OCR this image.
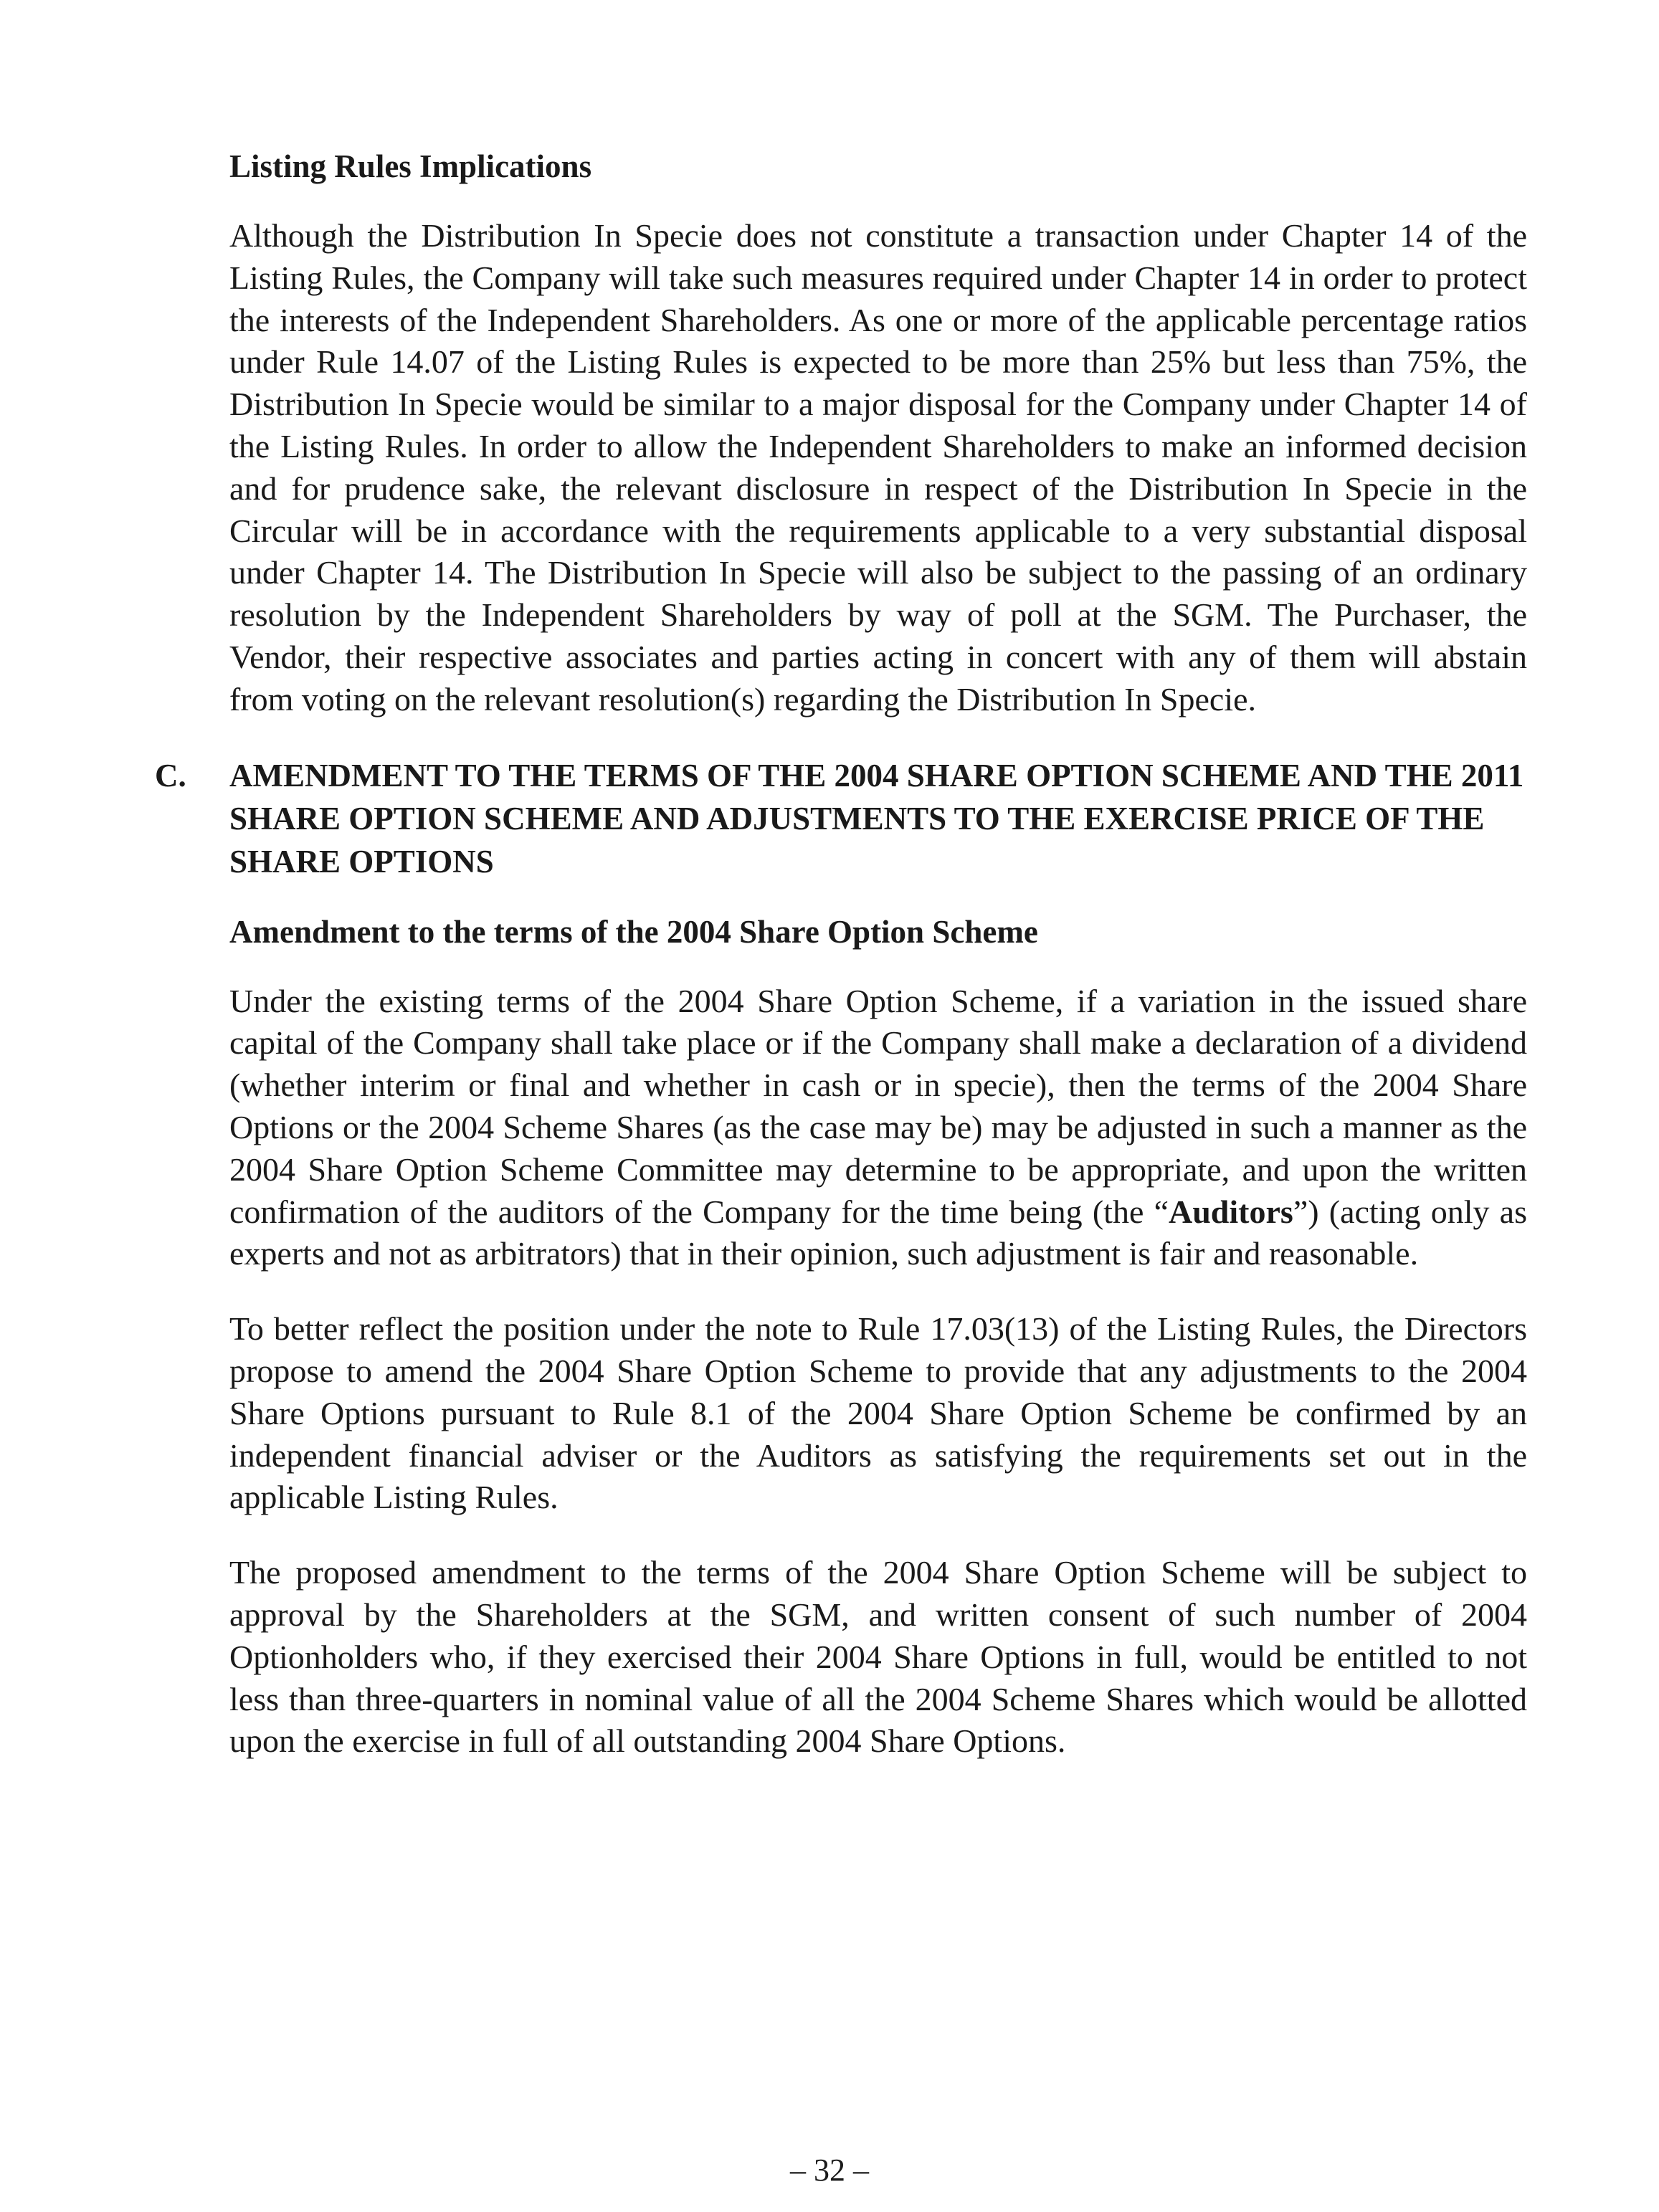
Listing Rules Implications

Although the Distribution In Specie does not constitute a transaction under Chapter 14 of the Listing Rules, the Company will take such measures required under Chapter 14 in order to protect the interests of the Independent Shareholders. As one or more of the applicable percentage ratios under Rule 14.07 of the Listing Rules is expected to be more than 25% but less than 75%, the Distribution In Specie would be similar to a major disposal for the Company under Chapter 14 of the Listing Rules. In order to allow the Independent Shareholders to make an informed decision and for prudence sake, the relevant disclosure in respect of the Distribution In Specie in the Circular will be in accordance with the requirements applicable to a very substantial disposal under Chapter 14. The Distribution In Specie will also be subject to the passing of an ordinary resolution by the Independent Shareholders by way of poll at the SGM. The Purchaser, the Vendor, their respective associates and parties acting in concert with any of them will abstain from voting on the relevant resolution(s) regarding the Distribution In Specie.

C. AMENDMENT TO THE TERMS OF THE 2004 SHARE OPTION SCHEME AND THE 2011 SHARE OPTION SCHEME AND ADJUSTMENTS TO THE EXERCISE PRICE OF THE SHARE OPTIONS

Amendment to the terms of the 2004 Share Option Scheme

Under the existing terms of the 2004 Share Option Scheme, if a variation in the issued share capital of the Company shall take place or if the Company shall make a declaration of a dividend (whether interim or final and whether in cash or in specie), then the terms of the 2004 Share Options or the 2004 Scheme Shares (as the case may be) may be adjusted in such a manner as the 2004 Share Option Scheme Committee may determine to be appropriate, and upon the written confirmation of the auditors of the Company for the time being (the “Auditors”) (acting only as experts and not as arbitrators) that in their opinion, such adjustment is fair and reasonable.

To better reflect the position under the note to Rule 17.03(13) of the Listing Rules, the Directors propose to amend the 2004 Share Option Scheme to provide that any adjustments to the 2004 Share Options pursuant to Rule 8.1 of the 2004 Share Option Scheme be confirmed by an independent financial adviser or the Auditors as satisfying the requirements set out in the applicable Listing Rules.

The proposed amendment to the terms of the 2004 Share Option Scheme will be subject to approval by the Shareholders at the SGM, and written consent of such number of 2004 Optionholders who, if they exercised their 2004 Share Options in full, would be entitled to not less than three-quarters in nominal value of all the 2004 Scheme Shares which would be allotted upon the exercise in full of all outstanding 2004 Share Options.

– 32 –
